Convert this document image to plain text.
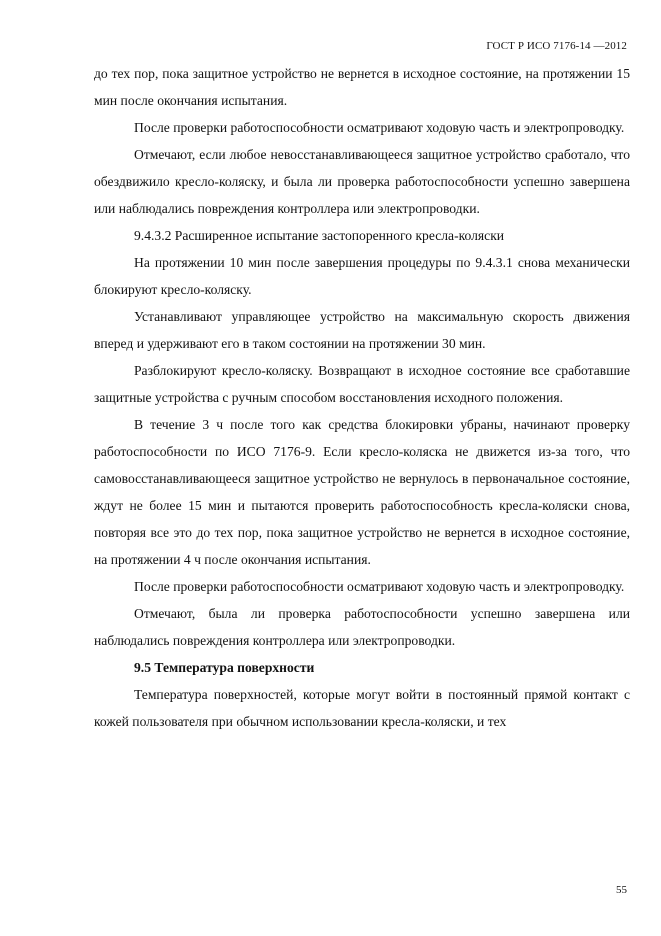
ГОСТ Р ИСО 7176-14 —2012

до тех пор, пока защитное устройство не вернется в исходное состояние, на протяжении 15 мин после окончания испытания.

После проверки работоспособности осматривают ходовую часть и электропроводку.

Отмечают, если любое невосстанавливающееся защитное устройство сработало, что обездвижило кресло-коляску, и была ли проверка работоспособности успешно завершена или наблюдались повреждения контроллера или электропроводки.

9.4.3.2 Расширенное испытание застопоренного кресла-коляски

На протяжении 10 мин после завершения процедуры по 9.4.3.1 снова механически блокируют кресло-коляску.

Устанавливают управляющее устройство на максимальную скорость движения вперед и удерживают его в таком состоянии на протяжении 30 мин.

Разблокируют кресло-коляску. Возвращают в исходное состояние все сработавшие защитные устройства с ручным способом восстановления исходного положения.

В течение 3 ч после того как средства блокировки убраны, начинают проверку работоспособности по ИСО 7176-9. Если кресло-коляска не движется из-за того, что самовосстанавливающееся защитное устройство не вернулось в первоначальное состояние, ждут не более 15 мин и пытаются проверить работоспособность кресла-коляски снова, повторяя все это до тех пор, пока защитное устройство не вернется в исходное состояние, на протяжении 4 ч после окончания испытания.

После проверки работоспособности осматривают ходовую часть и электропроводку.

Отмечают, была ли проверка работоспособности успешно завершена или наблюдались повреждения контроллера или электропроводки.

9.5 Температура поверхности

Температура поверхностей, которые могут войти в постоянный прямой контакт с кожей пользователя при обычном использовании кресла-коляски, и тех

55
